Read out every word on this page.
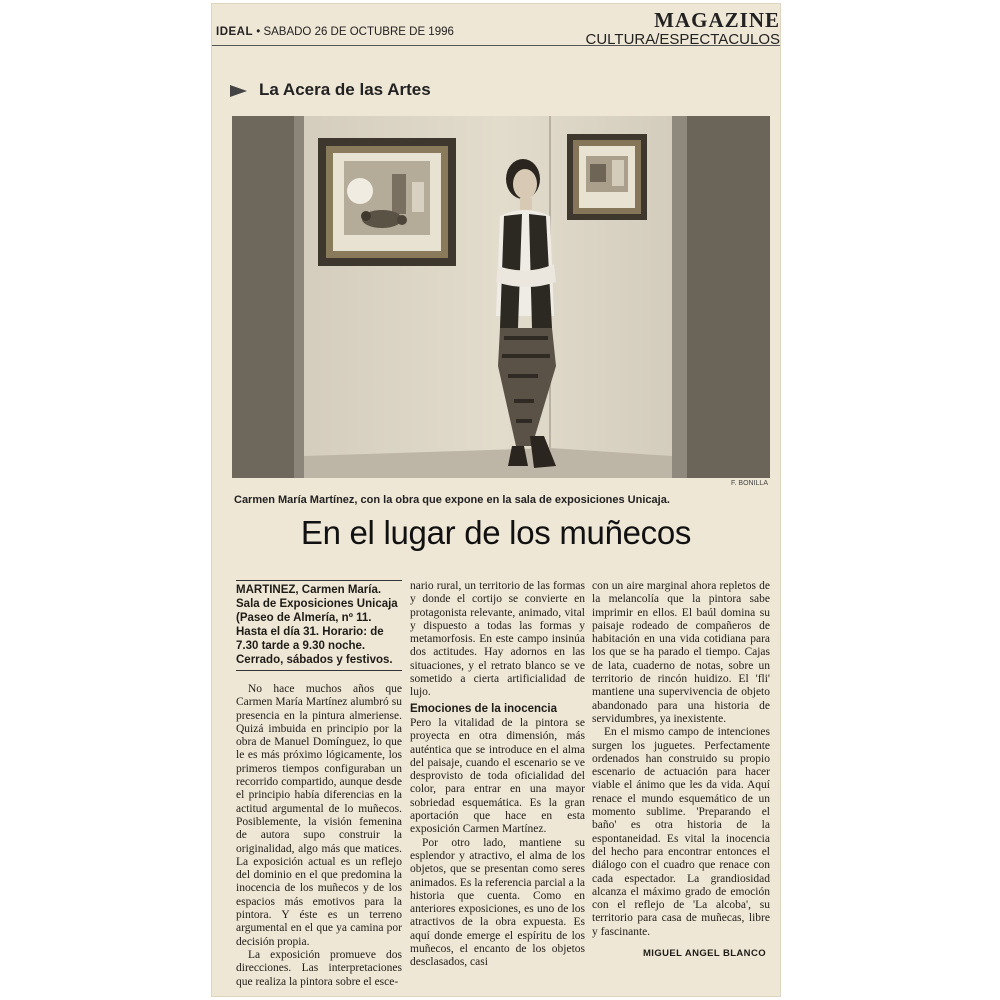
IDEAL • SABADO 26 DE OCTUBRE DE 1996	MAGAZINE
CULTURA/ESPECTACULOS
La Acera de las Artes
F. BONILLA
Carmen María Martínez, con la obra que expone en la sala de exposiciones Unicaja.
En el lugar de los muñecos
MARTINEZ, Carmen María. Sala de Exposiciones Unicaja (Paseo de Almería, nº 11. Hasta el día 31. Horario: de 7.30 tarde a 9.30 noche. Cerrado, sábados y festivos.

No hace muchos años que Carmen María Martínez alumbró su presencia en la pintura almeriense. Quizá imbuida en principio por la obra de Manuel Domínguez, lo que le es más próximo lógicamente, los primeros tiempos configuraban un recorrido compartido, aunque desde el principio había diferencias en la actitud argumental de lo muñecos. Posiblemente, la visión femenina de autora supo construir la originalidad, algo más que matices. La exposición actual es un reflejo del dominio en el que predomina la inocencia de los muñecos y de los espacios más emotivos para la pintora. Y éste es un terreno argumental en el que ya camina por decisión propia.

La exposición promueve dos direcciones. Las interpretaciones que realiza la pintora sobre el esce-

nario rural, un territorio de las formas y donde el cortijo se convierte en protagonista relevante, animado, vital y dispuesto a todas las formas y metamorfosis. En este campo insinúa dos actitudes. Hay adornos en las situaciones, y el retrato blanco se ve sometido a cierta artificialidad de lujo.

Emociones de la inocencia

Pero la vitalidad de la pintora se proyecta en otra dimensión, más auténtica que se introduce en el alma del paisaje, cuando el escenario se ve desprovisto de toda oficialidad del color, para entrar en una mayor sobriedad esquemática. Es la gran aportación que hace en esta exposición Carmen Martínez.

Por otro lado, mantiene su esplendor y atractivo, el alma de los objetos, que se presentan como seres animados. Es la referencia parcial a la historia que cuenta. Como en anteriores exposiciones, es uno de los atractivos de la obra expuesta. Es aquí donde emerge el espíritu de los muñecos, el encanto de los objetos desclasados, casi

con un aire marginal ahora repletos de la melancolía que la pintora sabe imprimir en ellos. El baúl domina su paisaje rodeado de compañeros de habitación en una vida cotidiana para los que se ha parado el tiempo. Cajas de lata, cuaderno de notas, sobre un territorio de rincón huidizo. El 'fli' mantiene una supervivencia de objeto abandonado para una historia de servidumbres, ya inexistente.

En el mismo campo de intenciones surgen los juguetes. Perfectamente ordenados han construido su propio escenario de actuación para hacer viable el ánimo que les da vida. Aquí renace el mundo esquemático de un momento sublime. 'Preparando el baño' es otra historia de la espontaneidad. Es vital la inocencia del hecho para encontrar entonces el diálogo con el cuadro que renace con cada espectador. La grandiosidad alcanza el máximo grado de emoción con el reflejo de 'La alcoba', su territorio para casa de muñecas, libre y fascinante.

MIGUEL ANGEL BLANCO
